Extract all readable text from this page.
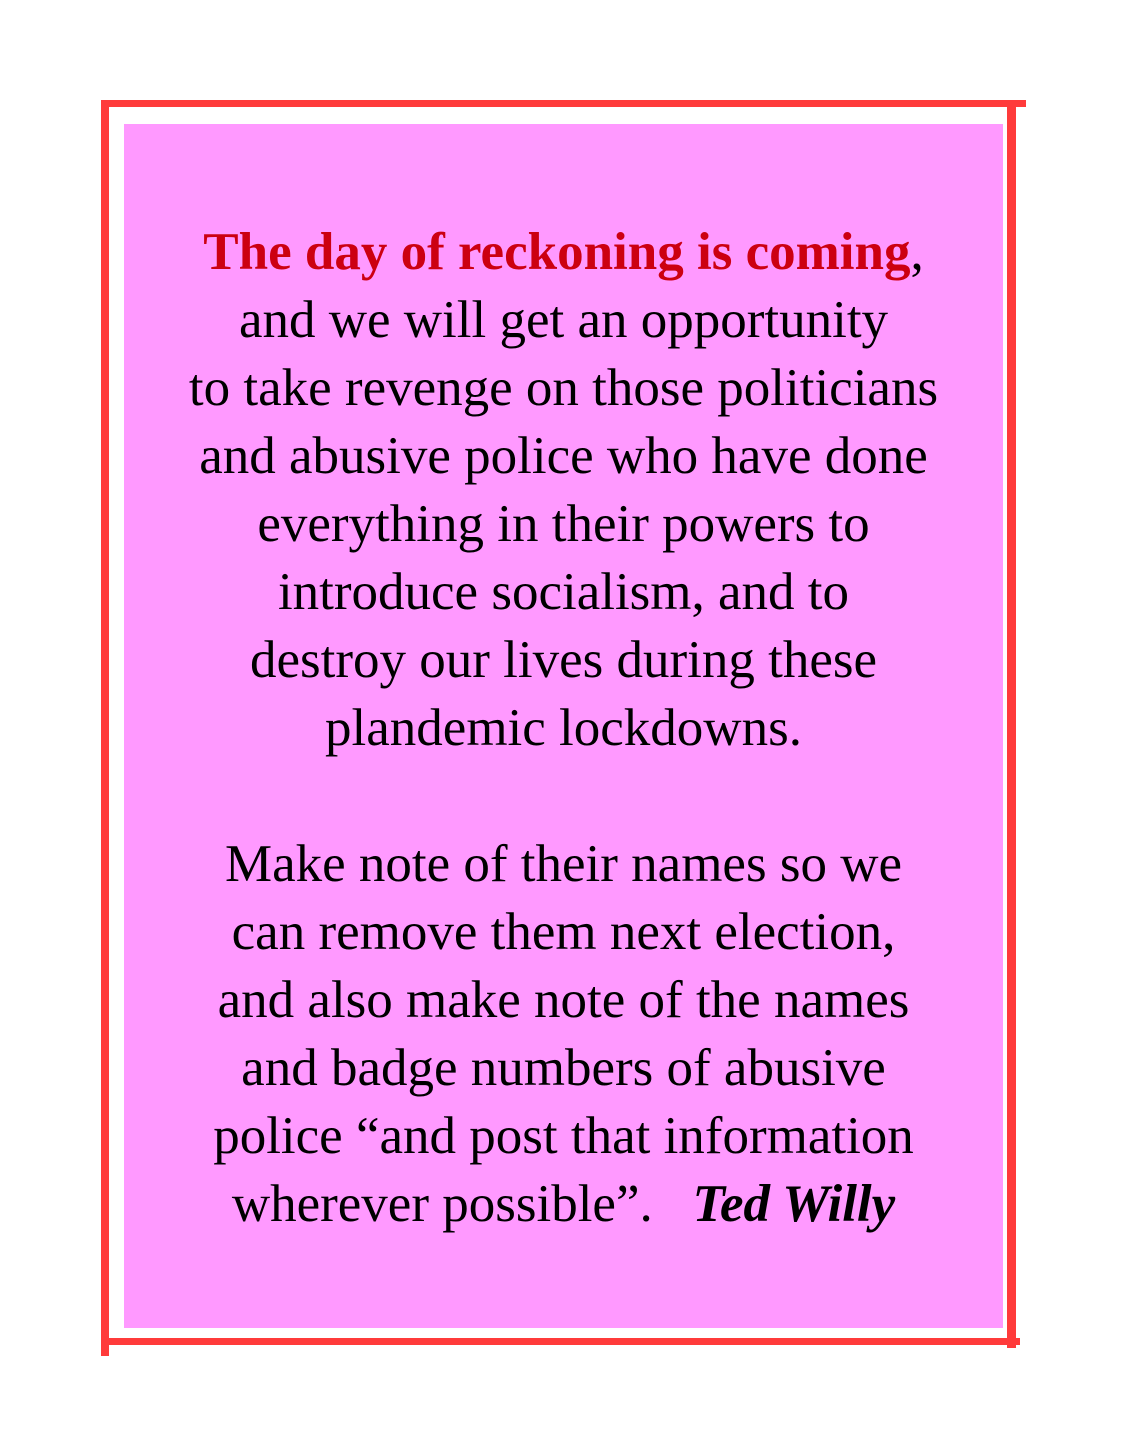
The day of reckoning is coming,
and we will get an opportunity
to take revenge on those politicians
and abusive police who have done
everything in their powers to
introduce socialism, and to
destroy our lives during these
plandemic lockdowns.
Make note of their names so we
can remove them next election,
and also make note of the names
and badge numbers of abusive
police “and post that information
wherever possible”. Ted Willy
